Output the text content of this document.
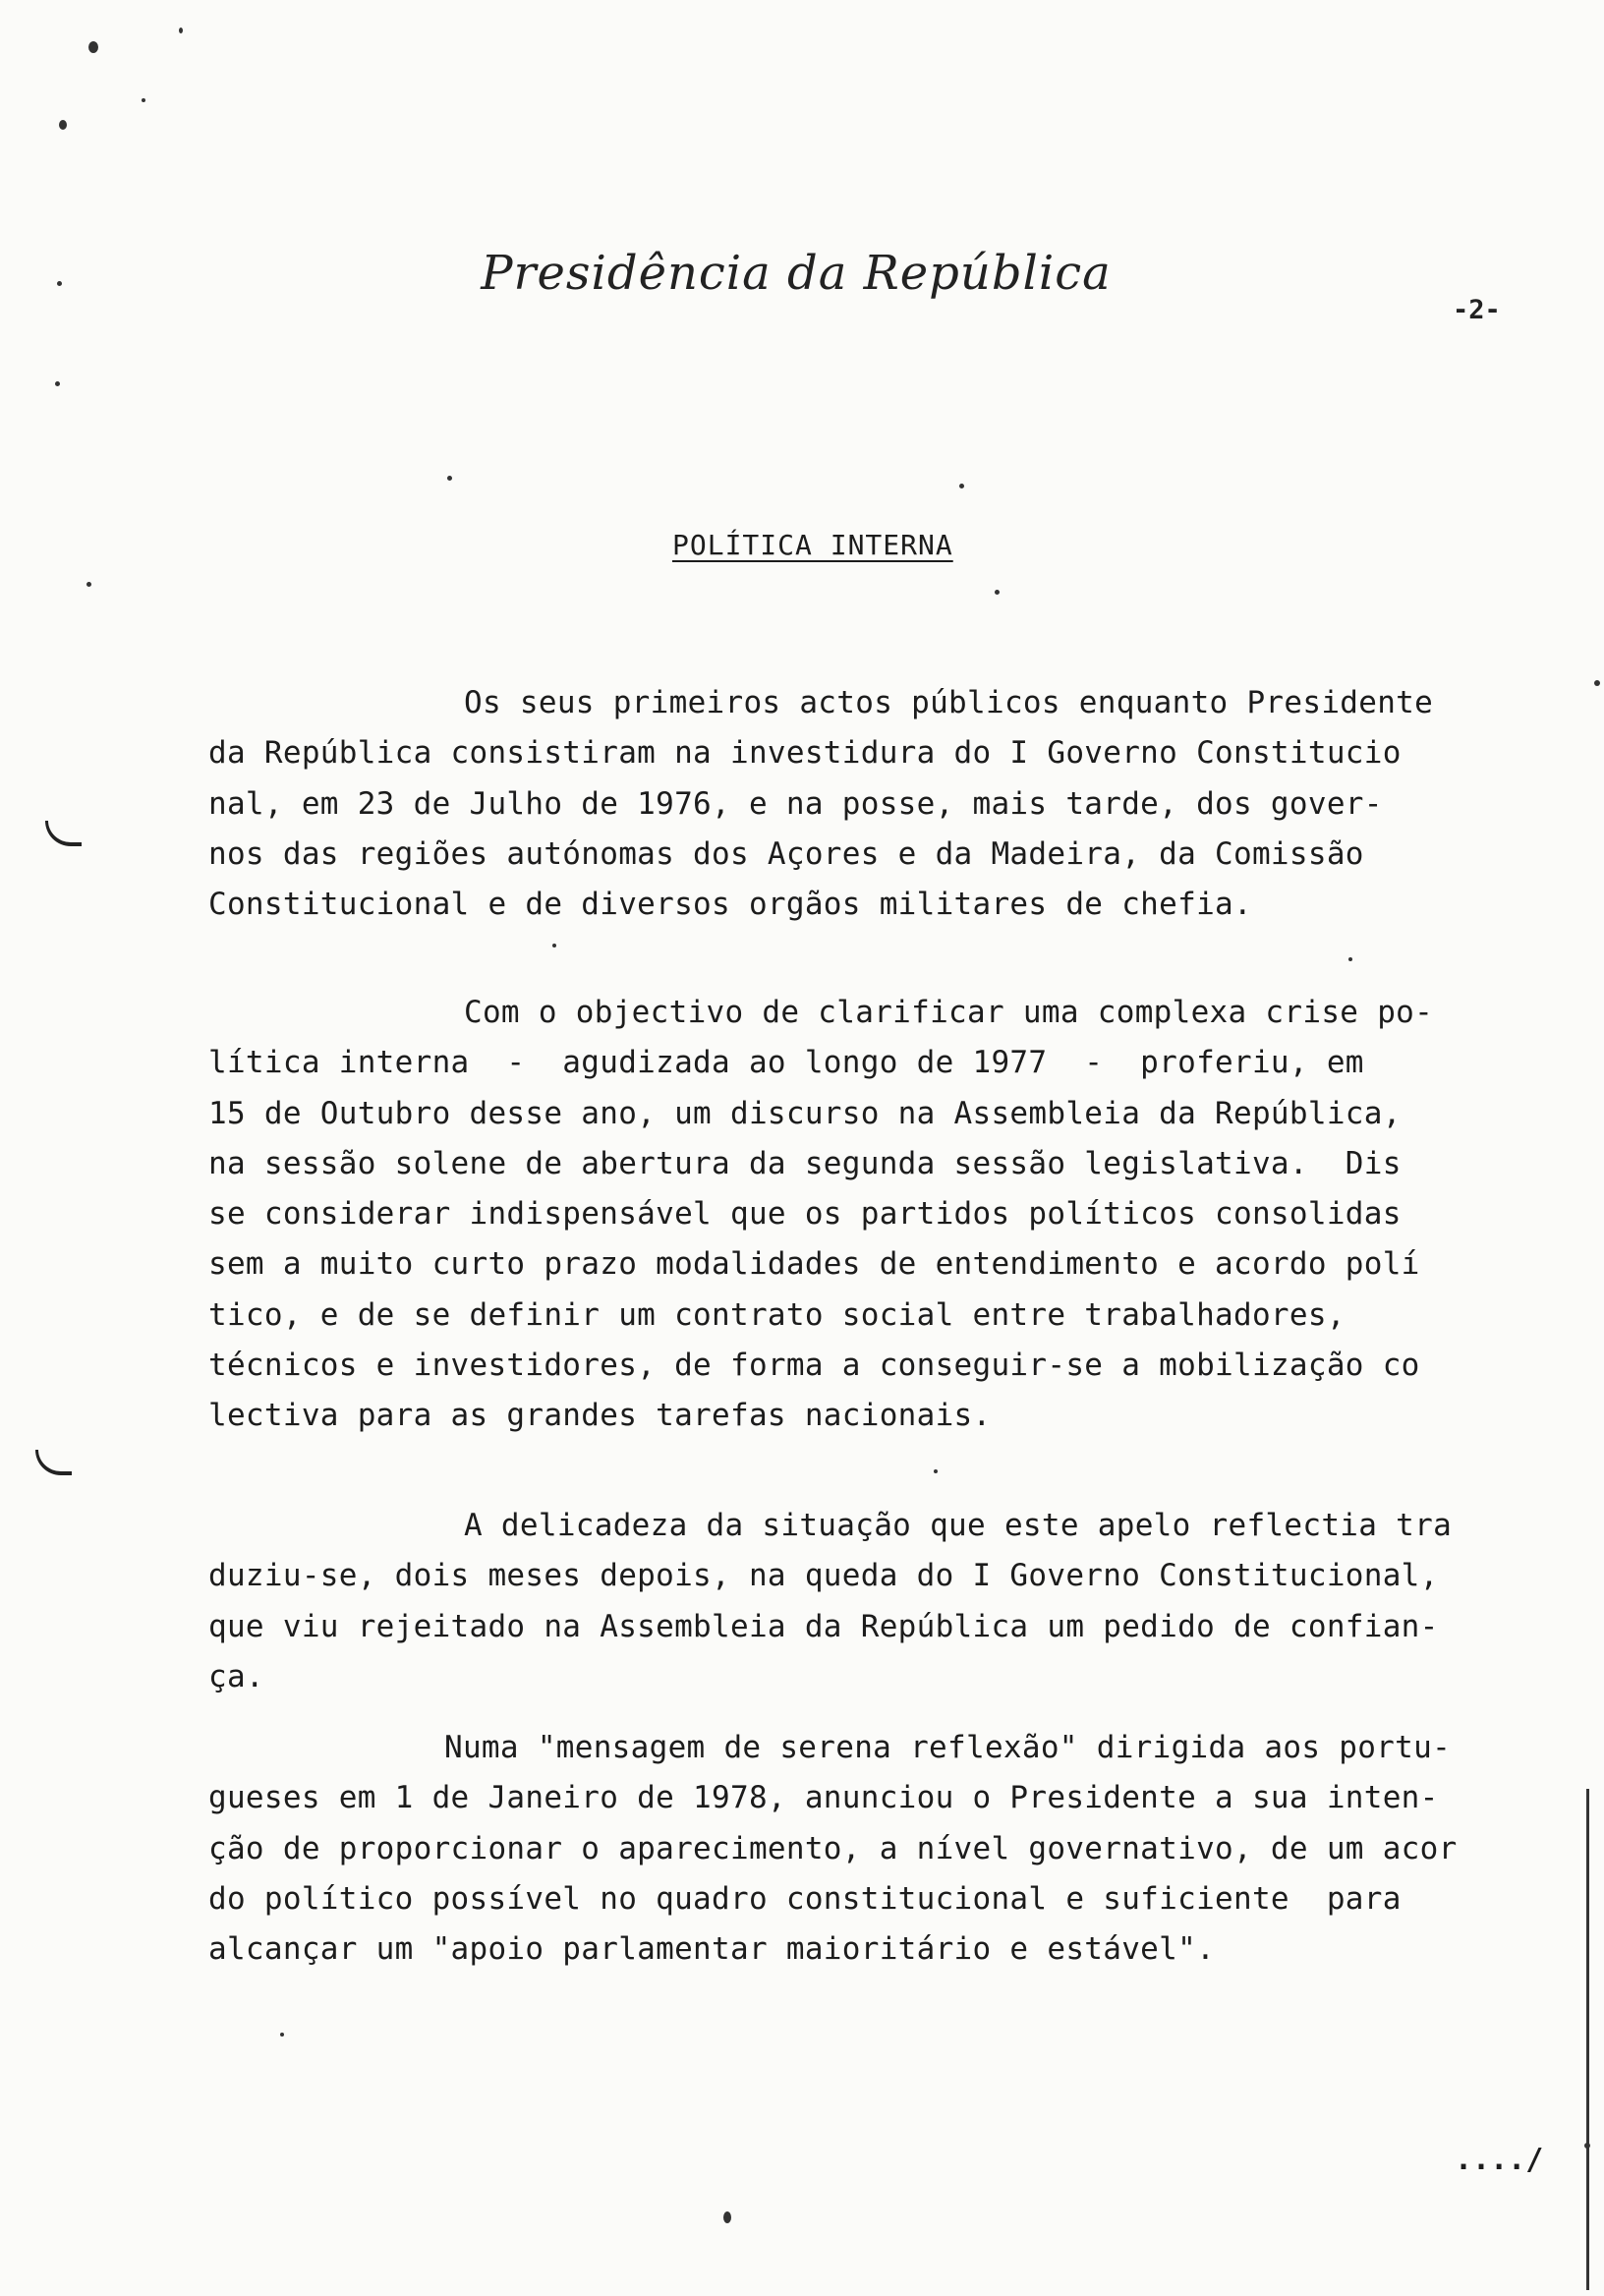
Presidência da República
-2-
POLÍTICA INTERNA
Os seus primeiros actos públicos enquanto Presidente
da República consistiram na investidura do I Governo Constitucio
nal, em 23 de Julho de 1976, e na posse, mais tarde, dos gover-
nos das regiões autónomas dos Açores e da Madeira, da Comissão
Constitucional e de diversos orgãos militares de chefia.
Com o objectivo de clarificar uma complexa crise po-
lítica interna  -  agudizada ao longo de 1977  -  proferiu, em
15 de Outubro desse ano, um discurso na Assembleia da República,
na sessão solene de abertura da segunda sessão legislativa.  Dis
se considerar indispensável que os partidos políticos consolidas
sem a muito curto prazo modalidades de entendimento e acordo polí
tico, e de se definir um contrato social entre trabalhadores,
técnicos e investidores, de forma a conseguir-se a mobilização co
lectiva para as grandes tarefas nacionais.
A delicadeza da situação que este apelo reflectia tra
duziu-se, dois meses depois, na queda do I Governo Constitucional,
que viu rejeitado na Assembleia da República um pedido de confian-
ça.
Numa "mensagem de serena reflexão" dirigida aos portu-
gueses em 1 de Janeiro de 1978, anunciou o Presidente a sua inten-
ção de proporcionar o aparecimento, a nível governativo, de um acor
do político possível no quadro constitucional e suficiente  para
alcançar um "apoio parlamentar maioritário e estável".
..../
